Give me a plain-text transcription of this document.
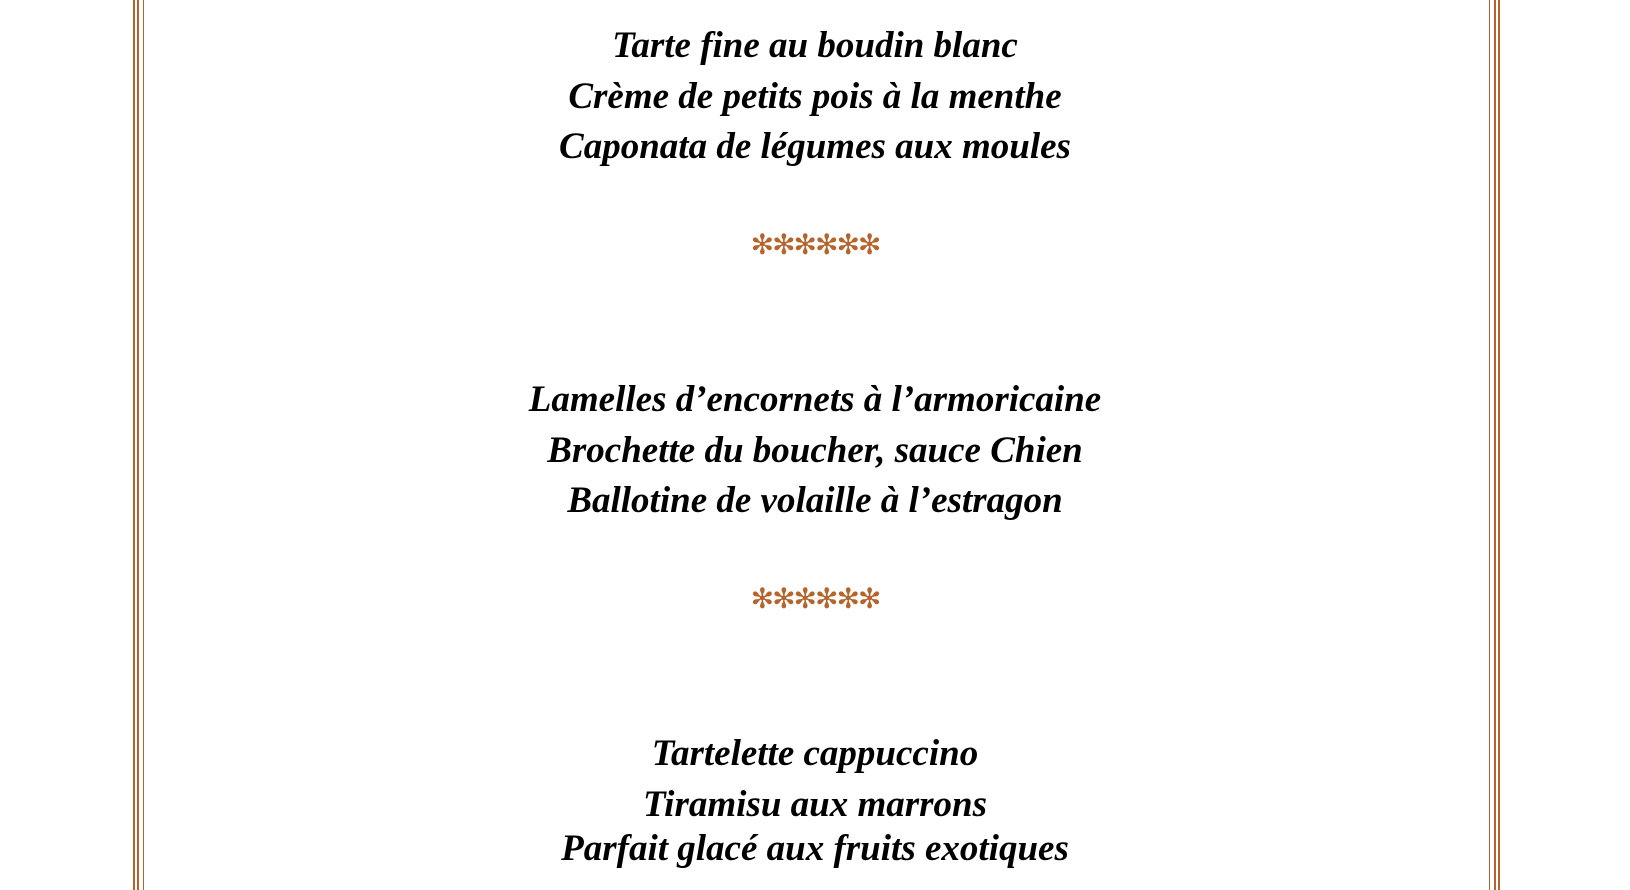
Tarte fine au boudin blanc
Crème de petits pois à la menthe
Caponata de légumes aux moules
✻✻✻✻✻✻
Lamelles d’encornets à l’armoricaine
Brochette du boucher, sauce Chien
Ballotine de volaille à l’estragon
✻✻✻✻✻✻
Tartelette cappuccino
Tiramisu aux marrons
Parfait glacé aux fruits exotiques
